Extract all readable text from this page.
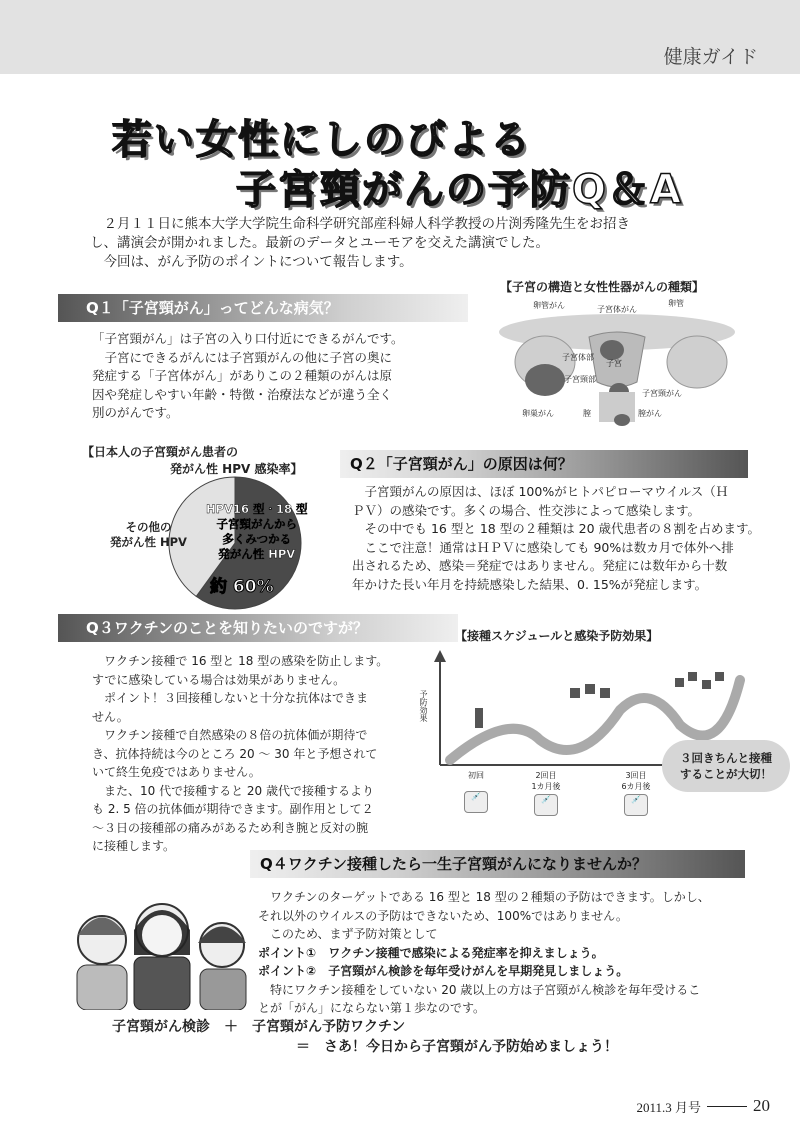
健康ガイド
若い女性にしのびよる
子宮頸がんの予防Q＆A

　２月１１日に熊本大学大学院生命科学研究部産科婦人科学教授の片渕秀隆先生をお招き

し、講演会が開かれました。最新のデータとユーモアを交えた講演でした。

　今回は、がん予防のポイントについて報告します。

Q１「子宮頸がん」ってどんな病気？

「子宮頸がん」は子宮の入り口付近にできるがんです。

　子宮にできるがんには子宮頸がんの他に子宮の奥に

発症する「子宮体がん」がありこの２種類のがんは原

因や発症しやすい年齢・特徴・治療法などが違う全く

別のがんです。

【子宮の構造と女性性器がんの種類】
卵管がん	子宮体がん
卵管
子宮体部
子宮
子宮頸部
子宮頸がん
卵巣がん	膣	膣がん
【日本人の子宮頸がん患者の
発がん性 HPV 感染率】
その他の
発がん性 HPV
HPV16 型・18 型
子宮頸がんから
多くみつかる
発がん性 HPV
約 60%
Q２「子宮頸がん」の原因は何？

　子宮頸がんの原因は、ほぼ 100%がヒトパピローマウイルス（Ｈ

ＰＶ）の感染です。多くの場合、性交渉によって感染します。

　その中でも 16 型と 18 型の２種類は 20 歳代患者の８割を占めます。

　ここで注意！通常はＨＰＶに感染しても 90%は数カ月で体外へ排

出されるため、感染＝発症ではありません。発症には数年から十数

年かけた長い年月を持続感染した結果、0. 15%が発症します。

Q３ワクチンのことを知りたいのですが？

　ワクチン接種で 16 型と 18 型の感染を防止します。

すでに感染している場合は効果がありません。

　ポイント！３回接種しないと十分な抗体はできま

せん。

　ワクチン接種で自然感染の８倍の抗体価が期待で

き、抗体持続は今のところ 20 ～ 30 年と予想されて

いて終生免疫ではありません。

　また、10 代で接種すると 20 歳代で接種するより

も 2. 5 倍の抗体価が期待できます。副作用として２

～３日の接種部の痛みがあるため利き腕と反対の腕

に接種します。

【接種スケジュールと感染予防効果】
予防効果
３回きちんと接種
することが大切！
初回
💉
2回目
1カ月後
💉
3回目
6カ月後
💉
Q４ワクチン接種したら一生子宮頸がんになりませんか？

　ワクチンのターゲットである 16 型と 18 型の２種類の予防はできます。しかし、

それ以外のウイルスの予防はできないため、100%ではありません。

　このため、まず予防対策として

ポイント①　 ワクチン接種で感染による発症率を抑えましょう。

ポイント②　 子宮頸がん検診を毎年受けがんを早期発見しましょう。

　特にワクチン接種をしていない 20 歳以上の方は子宮頸がん検診を毎年受けるこ

とが「がん」にならない第１歩なのです。

子宮頸がん検診　＋　子宮頸がん予防ワクチン
＝　さあ！今日から子宮頸がん予防始めましょう！
2011.3 月号	20
